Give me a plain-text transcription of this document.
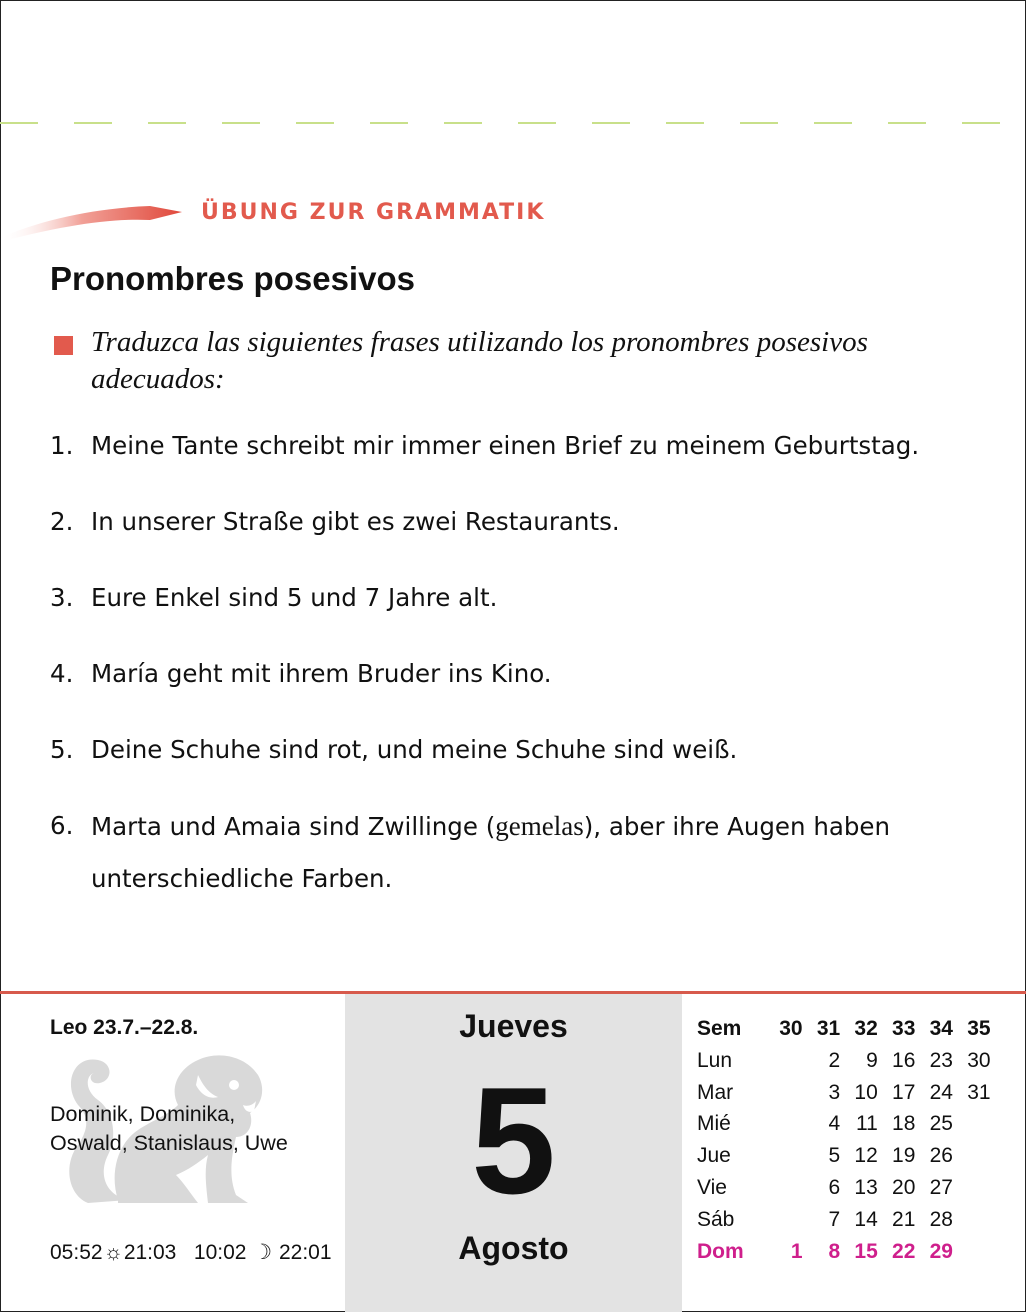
ÜBUNG ZUR GRAMMATIK
Pronombres posesivos
Traduzca las siguientes frases utilizando los pronombres posesivos adecuados:
1. Meine Tante schreibt mir immer einen Brief zu meinem Geburtstag.
2. In unserer Straße gibt es zwei Restaurants.
3. Eure Enkel sind 5 und 7 Jahre alt.
4. María geht mit ihrem Bruder ins Kino.
5. Deine Schuhe sind rot, und meine Schuhe sind weiß.
6. Marta und Amaia sind Zwillinge (gemelas), aber ihre Augen haben unterschiedliche Farben.
Leo 23.7.–22.8.
Dominik, Dominika,
Oswald, Stanislaus, Uwe
05:52☼21:03 10:02 ☽ 22:01
Jueves
5
Agosto
Sem	30	31	32	33	34	35
Lun		2	9	16	23	30
Mar		3	10	17	24	31
Mié		4	11	18	25	
Jue		5	12	19	26	
Vie		6	13	20	27	
Sáb		7	14	21	28	
Dom	1	8	15	22	29	
